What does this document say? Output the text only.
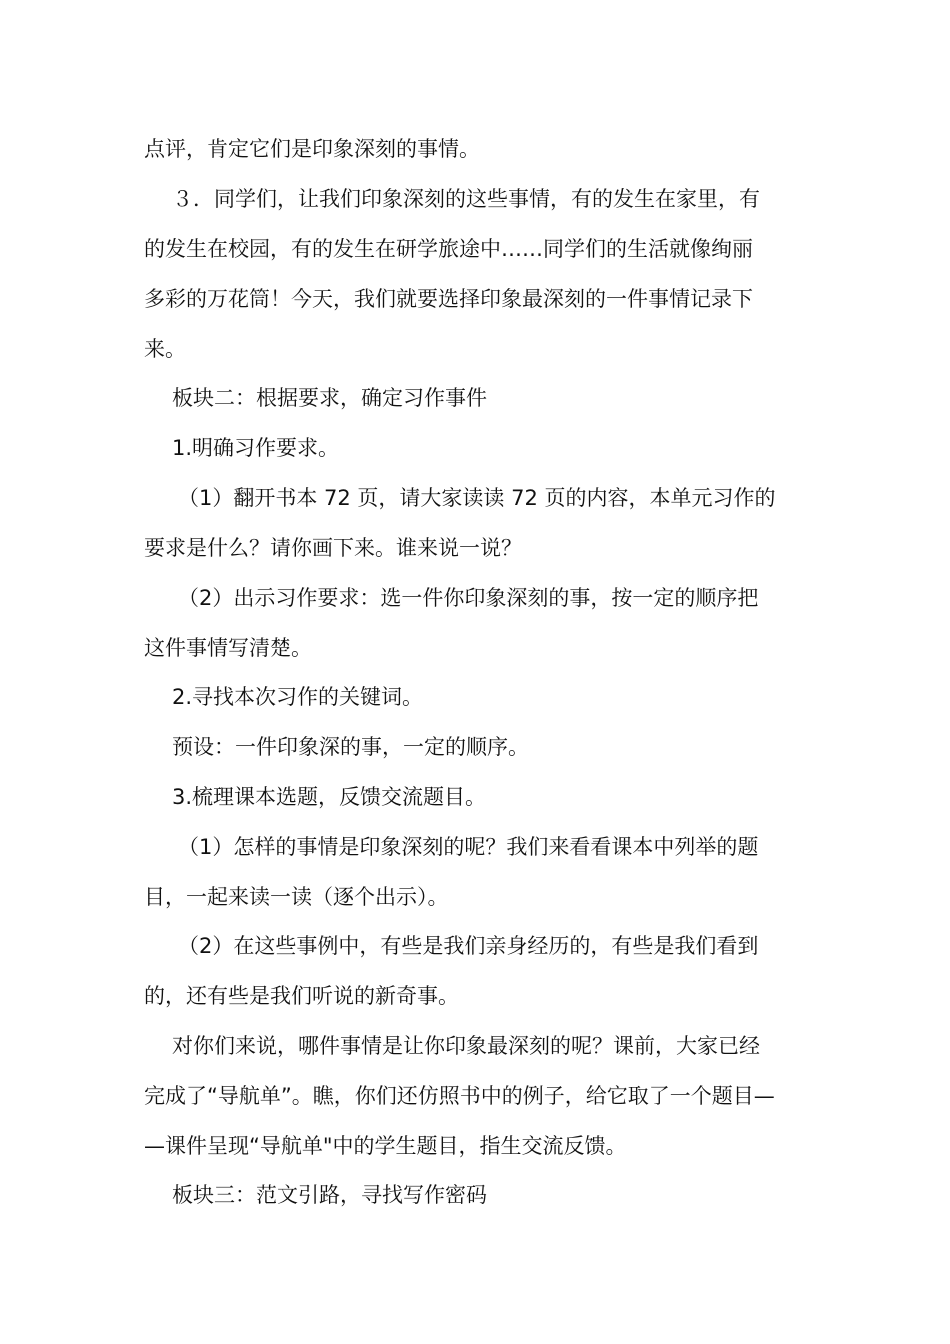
点评，肯定它们是印象深刻的事情。
３．同学们，让我们印象深刻的这些事情，有的发生在家里，有
的发生在校园，有的发生在研学旅途中……同学们的生活就像绚丽
多彩的万花筒！今天，我们就要选择印象最深刻的一件事情记录下
来。
板块二：根据要求，确定习作事件
1.明确习作要求。
（1）翻开书本 72 页，请大家读读 72 页的内容，本单元习作的
要求是什么？请你画下来。谁来说一说？
（2）出示习作要求：选一件你印象深刻的事，按一定的顺序把
这件事情写清楚。
2.寻找本次习作的关键词。
预设：一件印象深的事，一定的顺序。
3.梳理课本选题，反馈交流题目。
（1）怎样的事情是印象深刻的呢？我们来看看课本中列举的题
目，一起来读一读（逐个出示）。
（2）在这些事例中，有些是我们亲身经历的，有些是我们看到
的，还有些是我们听说的新奇事。
对你们来说，哪件事情是让你印象最深刻的呢？课前，大家已经
完成了“导航单”。瞧，你们还仿照书中的例子，给它取了一个题目—
—课件呈现“导航单"中的学生题目，指生交流反馈。
板块三：范文引路，寻找写作密码
